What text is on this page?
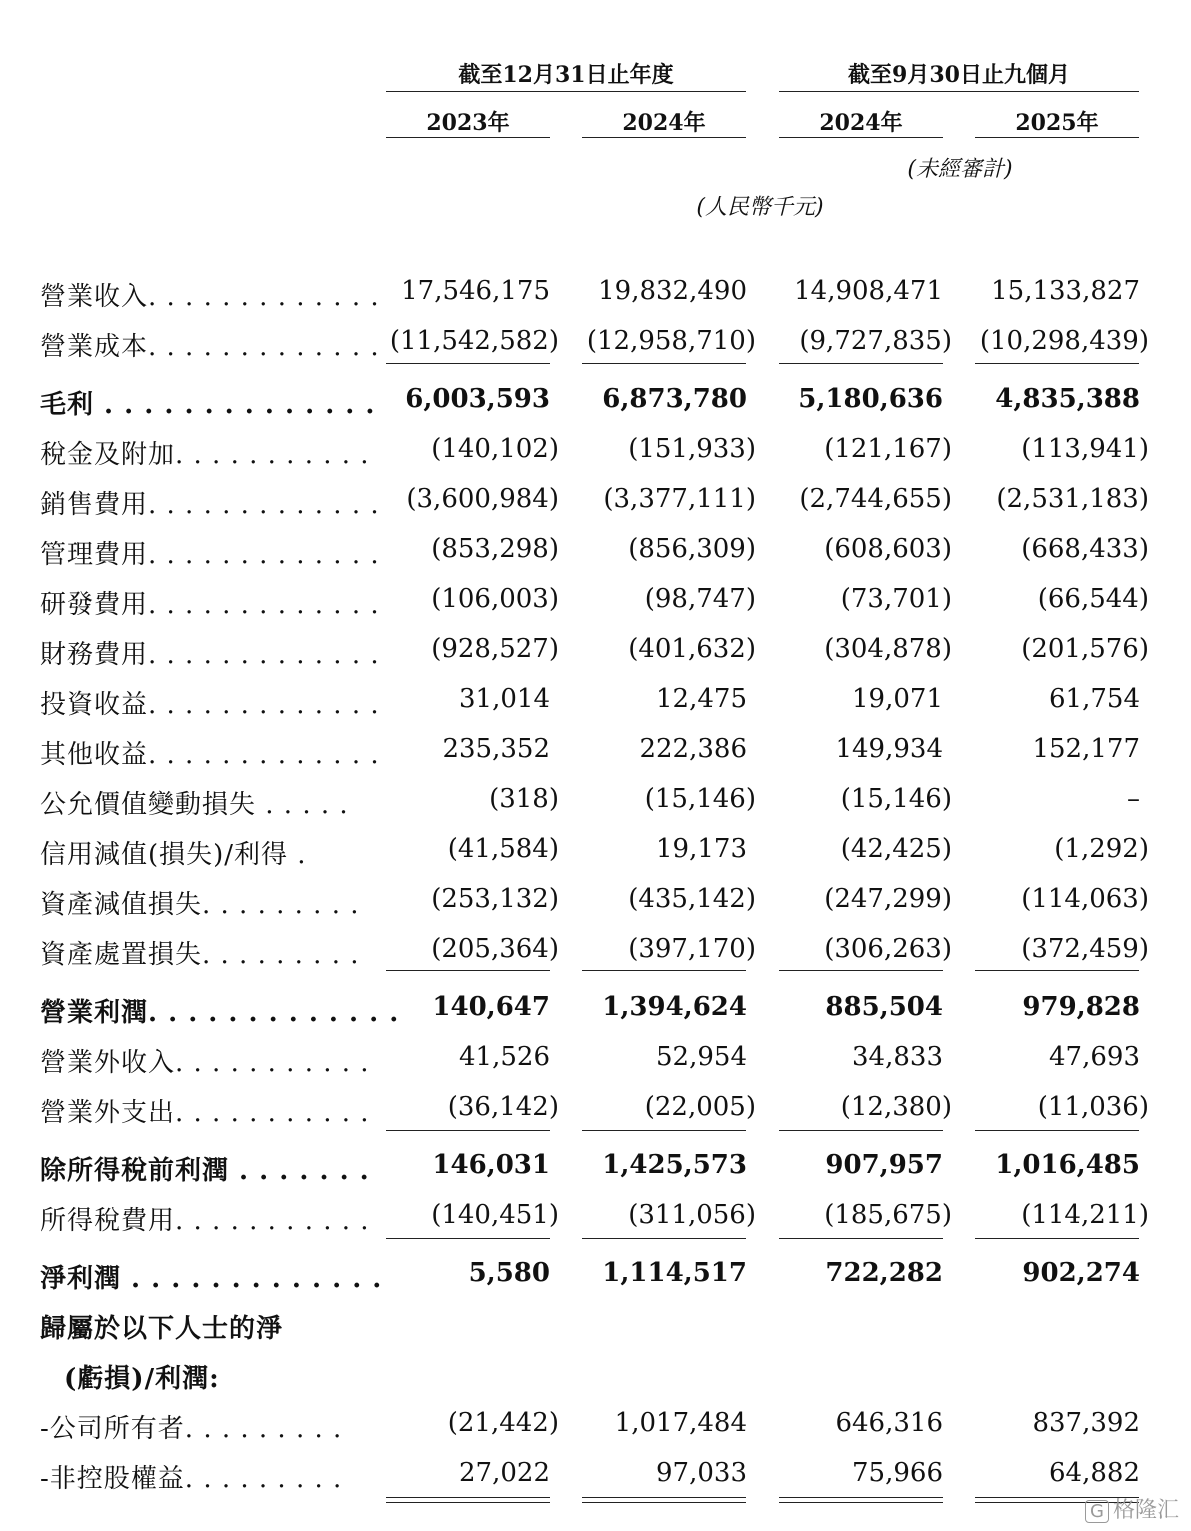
截至12月31日止年度	截至9月30日止九個月
2023年	2024年	2024年	2025年
(未經審計)
(人民幣千元)
營業收入. . . . . . . . . . . . . 17,546,175 19,832,490 14,908,471 15,133,827
營業成本. . . . . . . . . . . . . (11,542,582) (12,958,710) (9,727,835) (10,298,439)
毛利 . . . . . . . . . . . . . . 6,003,593 6,873,780 5,180,636 4,835,388
稅金及附加. . . . . . . . . . . (140,102)	(151,933)	(121,167)	(113,941)
銷售費用. . . . . . . . . . . . . (3,600,984) (3,377,111) (2,744,655) (2,531,183)
管理費用. . . . . . . . . . . . . (853,298)	(856,309)	(608,603)	(668,433)
研發費用. . . . . . . . . . . . . (106,003)	(98,747)	(73,701)	(66,544)
財務費用. . . . . . . . . . . . . (928,527)	(401,632)	(304,878)	(201,576)
投資收益. . . . . . . . . . . . .	31,014	12,475	19,071	61,754
其他收益. . . . . . . . . . . . . 235,352	222,386	149,934	152,177
公允價值變動損失 . . . . .	(318)	(15,146)	(15,146)	–
信用減值(損失)/利得 .	(41,584)	19,173	(42,425)	(1,292)
資產減值損失. . . . . . . . .	(253,132)	(435,142)	(247,299)	(114,063)
資產處置損失. . . . . . . . .	(205,364)	(397,170)	(306,263)	(372,459)
營業利潤. . . . . . . . . . . . . 140,647 1,394,624	885,504	979,828
營業外收入. . . . . . . . . . .	41,526	52,954	34,833	47,693
營業外支出. . . . . . . . . . .	(36,142)	(22,005)	(12,380)	(11,036)
除所得稅前利潤 . . . . . . . 146,031 1,425,573	907,957 1,016,485
所得稅費用. . . . . . . . . . . (140,451)	(311,056)	(185,675)	(114,211)
淨利潤 . . . . . . . . . . . . .	5,580 1,114,517	722,282	902,274
歸屬於以下人士的淨
(虧損)/利潤:
-公司所有者. . . . . . . . .	(21,442) 1,017,484	646,316	837,392
-非控股權益. . . . . . . . .	27,022	97,033	75,966	64,882
G 格隆汇
